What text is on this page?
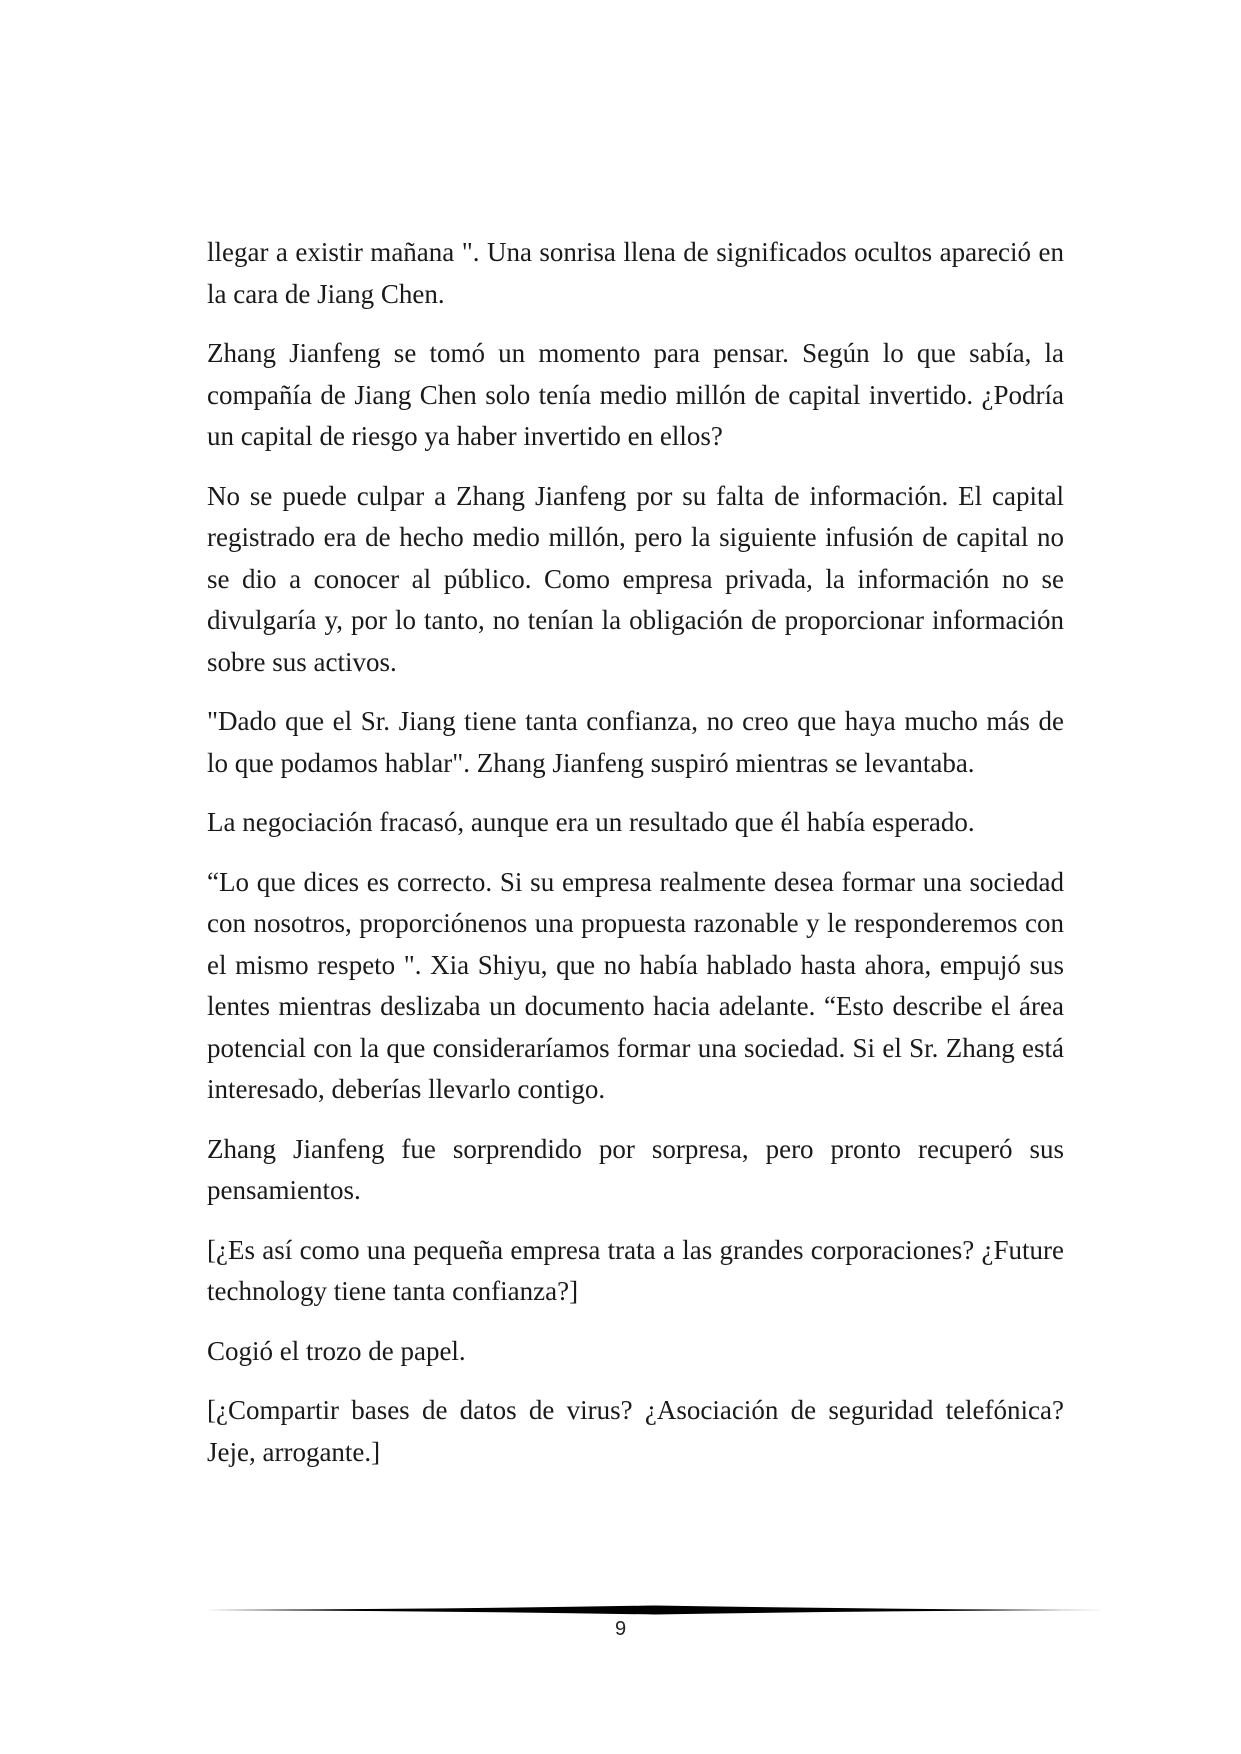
llegar a existir mañana ". Una sonrisa llena de significados ocultos apareció en la cara de Jiang Chen.

Zhang Jianfeng se tomó un momento para pensar. Según lo que sabía, la compañía de Jiang Chen solo tenía medio millón de capital invertido. ¿Podría un capital de riesgo ya haber invertido en ellos?

No se puede culpar a Zhang Jianfeng por su falta de información. El capital registrado era de hecho medio millón, pero la siguiente infusión de capital no se dio a conocer al público. Como empresa privada, la información no se divulgaría y, por lo tanto, no tenían la obligación de proporcionar información sobre sus activos.

"Dado que el Sr. Jiang tiene tanta confianza, no creo que haya mucho más de lo que podamos hablar". Zhang Jianfeng suspiró mientras se levantaba.

La negociación fracasó, aunque era un resultado que él había esperado.

“Lo que dices es correcto. Si su empresa realmente desea formar una sociedad con nosotros, proporciónenos una propuesta razonable y le responderemos con el mismo respeto ". Xia Shiyu, que no había hablado hasta ahora, empujó sus lentes mientras deslizaba un documento hacia adelante. “Esto describe el área potencial con la que consideraríamos formar una sociedad. Si el Sr. Zhang está interesado, deberías llevarlo contigo.

Zhang Jianfeng fue sorprendido por sorpresa, pero pronto recuperó sus pensamientos.

[¿Es así como una pequeña empresa trata a las grandes corporaciones? ¿Future technology tiene tanta confianza?]

Cogió el trozo de papel.

[¿Compartir bases de datos de virus? ¿Asociación de seguridad telefónica? Jeje, arrogante.]

9
